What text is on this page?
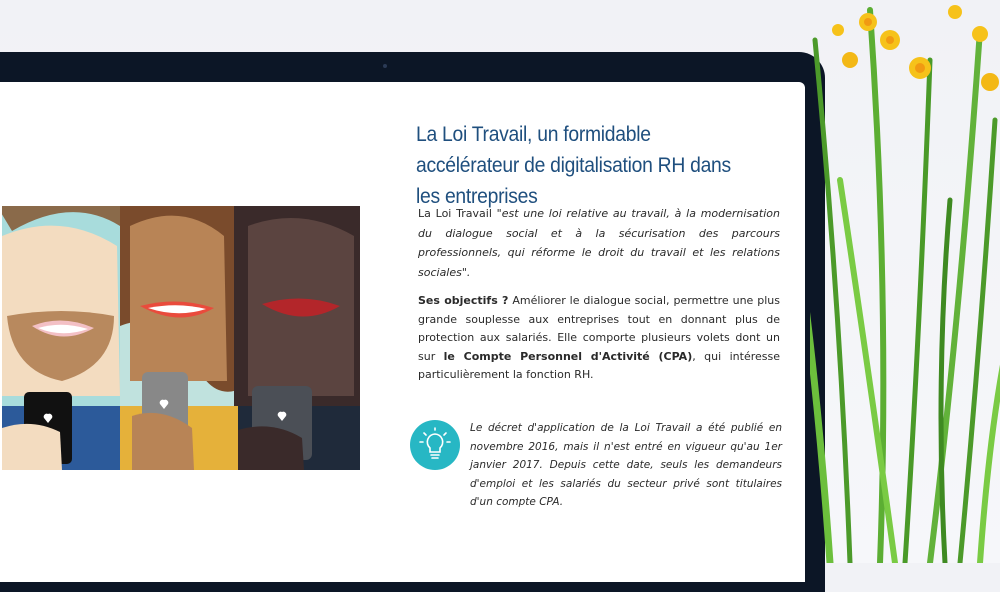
La Loi Travail, un formidable accélérateur de digitalisation RH dans les entreprises

La Loi Travail "est une loi relative au travail, à la modernisation du dialogue social et à la sécurisation des parcours professionnels, qui réforme le droit du travail et les relations sociales".

Ses objectifs ? Améliorer le dialogue social, permettre une plus grande souplesse aux entreprises tout en donnant plus de protection aux salariés. Elle comporte plusieurs volets dont un sur le Compte Personnel d'Activité (CPA), qui intéresse particulièrement la fonction RH.

Le décret d'application de la Loi Travail a été publié en novembre 2016, mais il n'est entré en vigueur qu'au 1er janvier 2017. Depuis cette date, seuls les demandeurs d'emploi et les salariés du secteur privé sont titulaires d'un compte CPA.
